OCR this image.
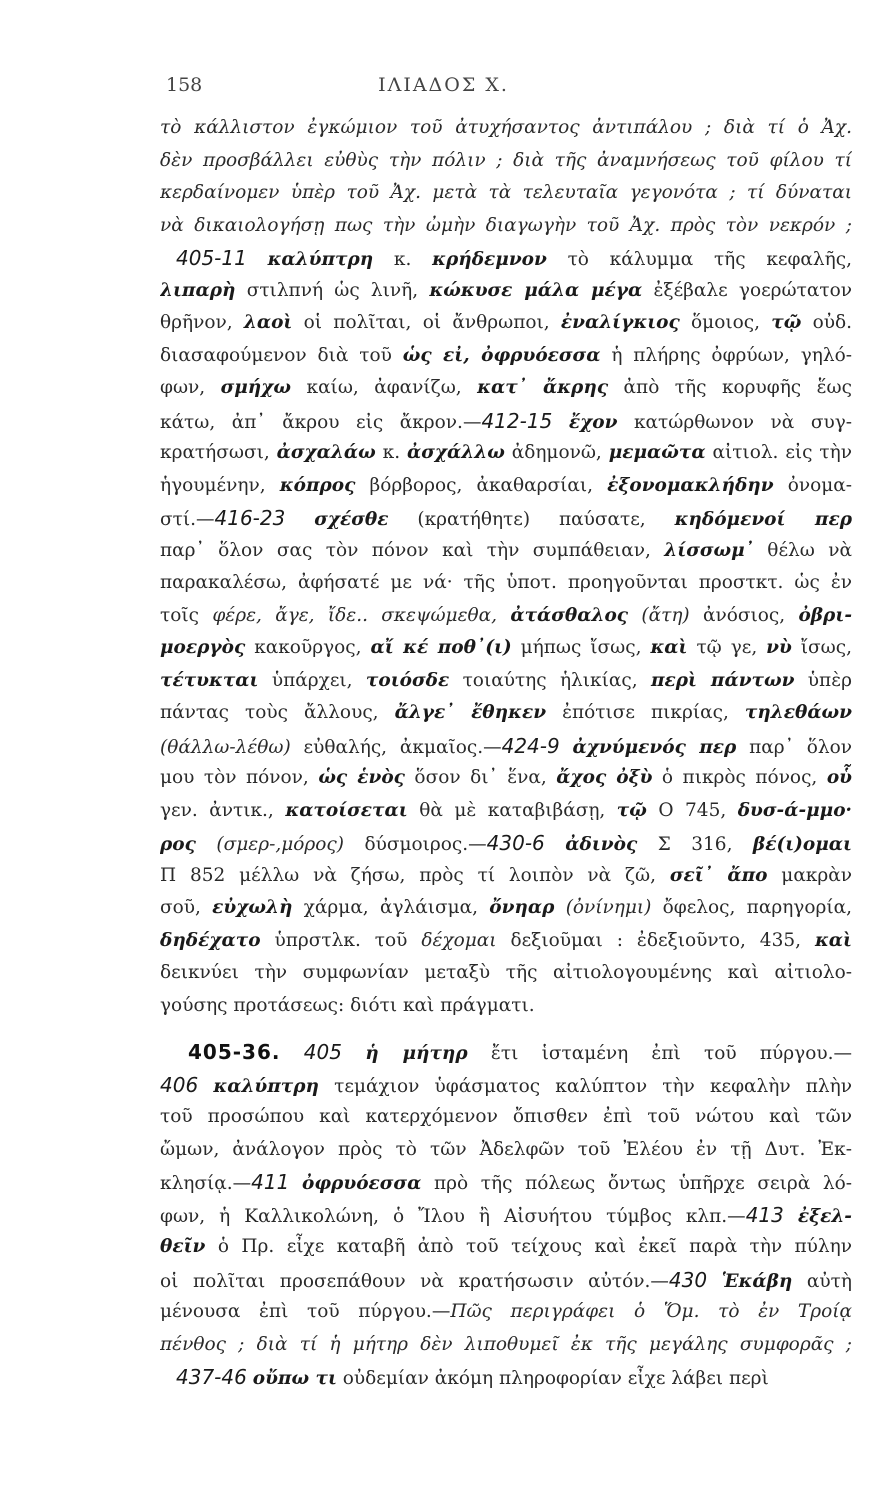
158	ΙΛΙΑΔΟΣ Χ.
τὸ κάλλιστον ἐγκώμιον τοῦ ἀτυχήσαντος ἀντιπάλου ; διὰ τί ὁ Ἀχ.
δὲν προσβάλλει εὐθὺς τὴν πόλιν ; διὰ τῆς ἀναμνήσεως τοῦ φίλου τί
κερδαίνομεν ὑπὲρ τοῦ Ἀχ. μετὰ τὰ τελευταῖα γεγονότα ; τί δύναται
νὰ δικαιολογήσῃ πως τὴν ὠμὴν διαγωγὴν τοῦ Ἀχ. πρὸς τὸν νεκρόν ;
405-11 καλύπτρη κ. κρήδεμνον τὸ κάλυμμα τῆς κεφαλῆς,
λιπαρὴ στιλπνή ὡς λινῆ, κώκυσε μάλα μέγα ἐξέβαλε γοερώτατον
θρῆνον, λαοὶ οἱ πολῖται, οἱ ἄνθρωποι, ἐναλίγκιος ὅμοιος, τῷ οὐδ.
διασαφούμενον διὰ τοῦ ὡς εἰ, ὀφρυόεσσα ἡ πλήρης ὀφρύων, γηλό-
φων, σμήχω καίω, ἀφανίζω, κατ᾽ ἄκρης ἀπὸ τῆς κορυφῆς ἕως
κάτω, ἀπ᾽ ἄκρου εἰς ἄκρον.—412-15 ἔχον κατώρθωνον νὰ συγ-
κρατήσωσι, ἀσχαλάω κ. ἀσχάλλω ἀδημονῶ, μεμαῶτα αἰτιολ. εἰς τὴν
ἡγουμένην, κόπρος βόρβορος, ἀκαθαρσίαι, ἐξονομακλήδην ὀνομα-
στί.—416-23 σχέσθε (κρατήθητε) παύσατε, κηδόμενοί περ
παρ᾽ ὅλον σας τὸν πόνον καὶ τὴν συμπάθειαν, λίσσωμ᾽ θέλω νὰ
παρακαλέσω, ἀφήσατέ με νά· τῆς ὑποτ. προηγοῦνται προστκτ. ὡς ἐν
τοῖς φέρε, ἄγε, ἴδε.. σκεψώμεθα, ἀτάσθαλος (ἄτη) ἀνόσιος, ὀβρι-
μοεργὸς κακοῦργος, αἴ κέ ποθ᾽(ι) μήπως ἴσως, καὶ τῷ γε, νὺ ἴσως,
τέτυκται ὑπάρχει, τοιόσδε τοιαύτης ἡλικίας, περὶ πάντων ὑπὲρ
πάντας τοὺς ἄλλους, ἄλγε᾽ ἔθηκεν ἐπότισε πικρίας, τηλεθάων
(θάλλω-λέθω) εὐθαλής, ἀκμαῖος.—424-9 ἀχνύμενός περ παρ᾽ ὅλον
μου τὸν πόνον, ὡς ἑνὸς ὅσον δι᾽ ἕνα, ἄχος ὀξὺ ὁ πικρὸς πόνος, οὗ
γεν. ἀντικ., κατοίσεται θὰ μὲ καταβιβάσῃ, τῷ Ο 745, δυσ-ά-μμο·
ρος (σμερ-,μόρος) δύσμοιρος.—430-6 ἀδινὸς Σ 316, βέ(ι)ομαι
Π 852 μέλλω νὰ ζήσω, πρὸς τί λοιπὸν νὰ ζῶ, σεῖ᾽ ἄπο μακρὰν
σοῦ, εὐχωλὴ χάρμα, ἀγλάισμα, ὄνηαρ (ὀνίνημι) ὄφελος, παρηγορία,
δηδέχατο ὑπρστλκ. τοῦ δέχομαι δεξιοῦμαι : ἐδεξιοῦντο, 435, καὶ
δεικνύει τὴν συμφωνίαν μεταξὺ τῆς αἰτιολογουμένης καὶ αἰτιολο-
γούσης προτάσεως: διότι καὶ πράγματι.
405-36. 405 ἡ μήτηρ ἔτι ἱσταμένη ἐπὶ τοῦ πύργου.—
406 καλύπτρη τεμάχιον ὑφάσματος καλύπτον τὴν κεφαλὴν πλὴν
τοῦ προσώπου καὶ κατερχόμενον ὄπισθεν ἐπὶ τοῦ νώτου καὶ τῶν
ὤμων, ἀνάλογον πρὸς τὸ τῶν Ἀδελφῶν τοῦ Ἐλέου ἐν τῇ Δυτ. Ἐκ-
κλησίᾳ.—411 ὀφρυόεσσα πρὸ τῆς πόλεως ὄντως ὑπῆρχε σειρὰ λό-
φων, ἡ Καλλικολώνη, ὁ Ἴλου ἢ Αἰσυήτου τύμβος κλπ.—413 ἐξελ-
θεῖν ὁ Πρ. εἶχε καταβῆ ἀπὸ τοῦ τείχους καὶ ἐκεῖ παρὰ τὴν πύλην
οἱ πολῖται προσεπάθουν νὰ κρατήσωσιν αὐτόν.—430 Ἑκάβη αὐτὴ
μένουσα ἐπὶ τοῦ πύργου.—Πῶς περιγράφει ὁ Ὅμ. τὸ ἐν Τροίᾳ
πένθος ; διὰ τί ἡ μήτηρ δὲν λιποθυμεῖ ἐκ τῆς μεγάλης συμφορᾶς ;
437-46 οὔπω τι οὐδεμίαν ἀκόμη πληροφορίαν εἶχε λάβει περὶ
